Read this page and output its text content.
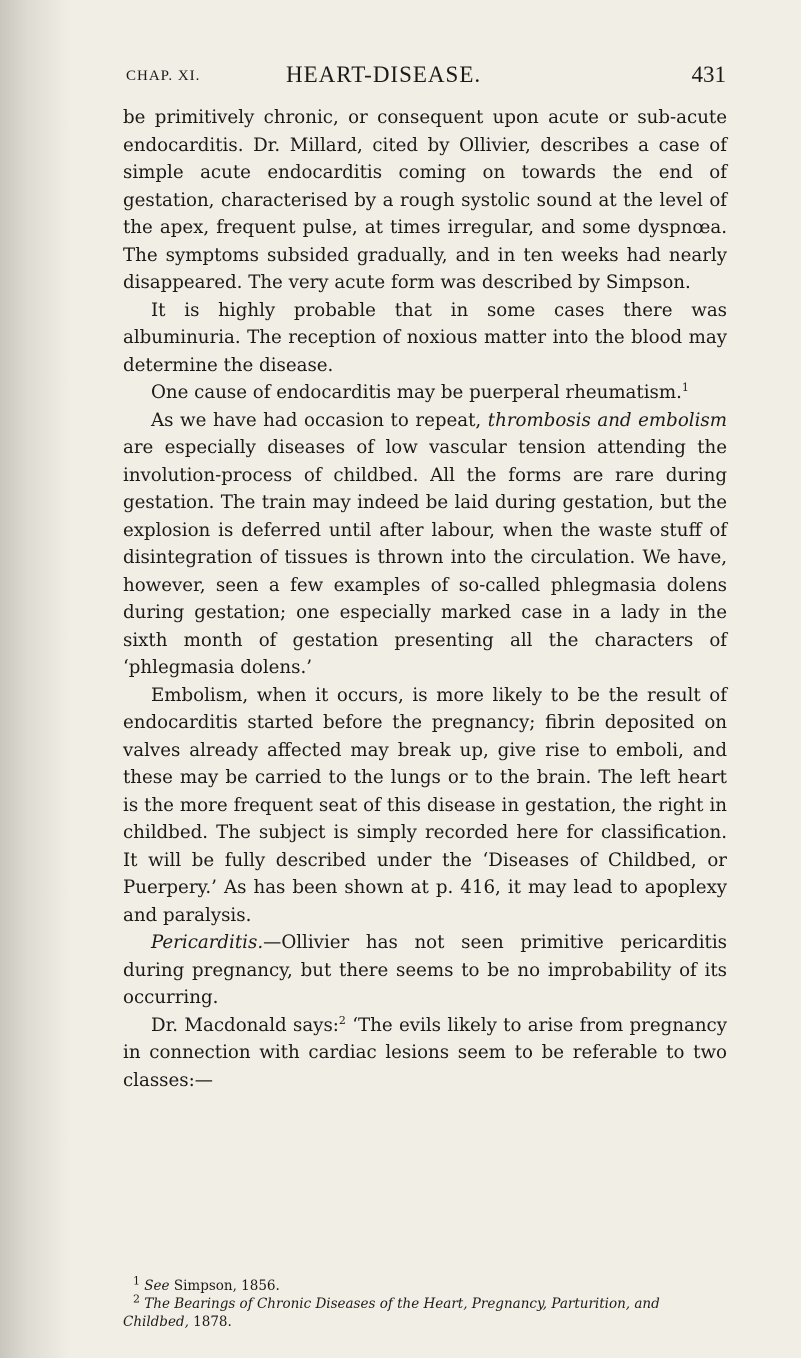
CHAP. XI.	HEART-DISEASE.	431

be primitively chronic, or consequent upon acute or sub-acute endocarditis. Dr. Millard, cited by Ollivier, describes a case of simple acute endocarditis coming on towards the end of gestation, characterised by a rough systolic sound at the level of the apex, frequent pulse, at times irregular, and some dyspnœa. The symptoms subsided gradually, and in ten weeks had nearly disappeared. The very acute form was described by Simpson.

It is highly probable that in some cases there was albuminuria. The reception of noxious matter into the blood may determine the disease.

One cause of endocarditis may be puerperal rheumatism.$^1$

As we have had occasion to repeat, thrombosis and embolism are especially diseases of low vascular tension attending the involution-process of childbed. All the forms are rare during gestation. The train may indeed be laid during gestation, but the explosion is deferred until after labour, when the waste stuff of disintegration of tissues is thrown into the circulation. We have, however, seen a few examples of so-called phlegmasia dolens during gestation; one especially marked case in a lady in the sixth month of gestation presenting all the characters of ‘phlegmasia dolens.’

Embolism, when it occurs, is more likely to be the result of endocarditis started before the pregnancy; fibrin deposited on valves already affected may break up, give rise to emboli, and these may be carried to the lungs or to the brain. The left heart is the more frequent seat of this disease in gestation, the right in childbed. The subject is simply recorded here for classification. It will be fully described under the ‘Diseases of Childbed, or Puerpery.’ As has been shown at p. 416, it may lead to apoplexy and paralysis.

Pericarditis.—Ollivier has not seen primitive pericarditis during pregnancy, but there seems to be no improbability of its occurring.

Dr. Macdonald says:$^2$ ‘The evils likely to arise from pregnancy in connection with cardiac lesions seem to be referable to two classes:—

$^1$ See Simpson, 1856.

$^2$ The Bearings of Chronic Diseases of the Heart, Pregnancy, Parturition, and Childbed, 1878.
